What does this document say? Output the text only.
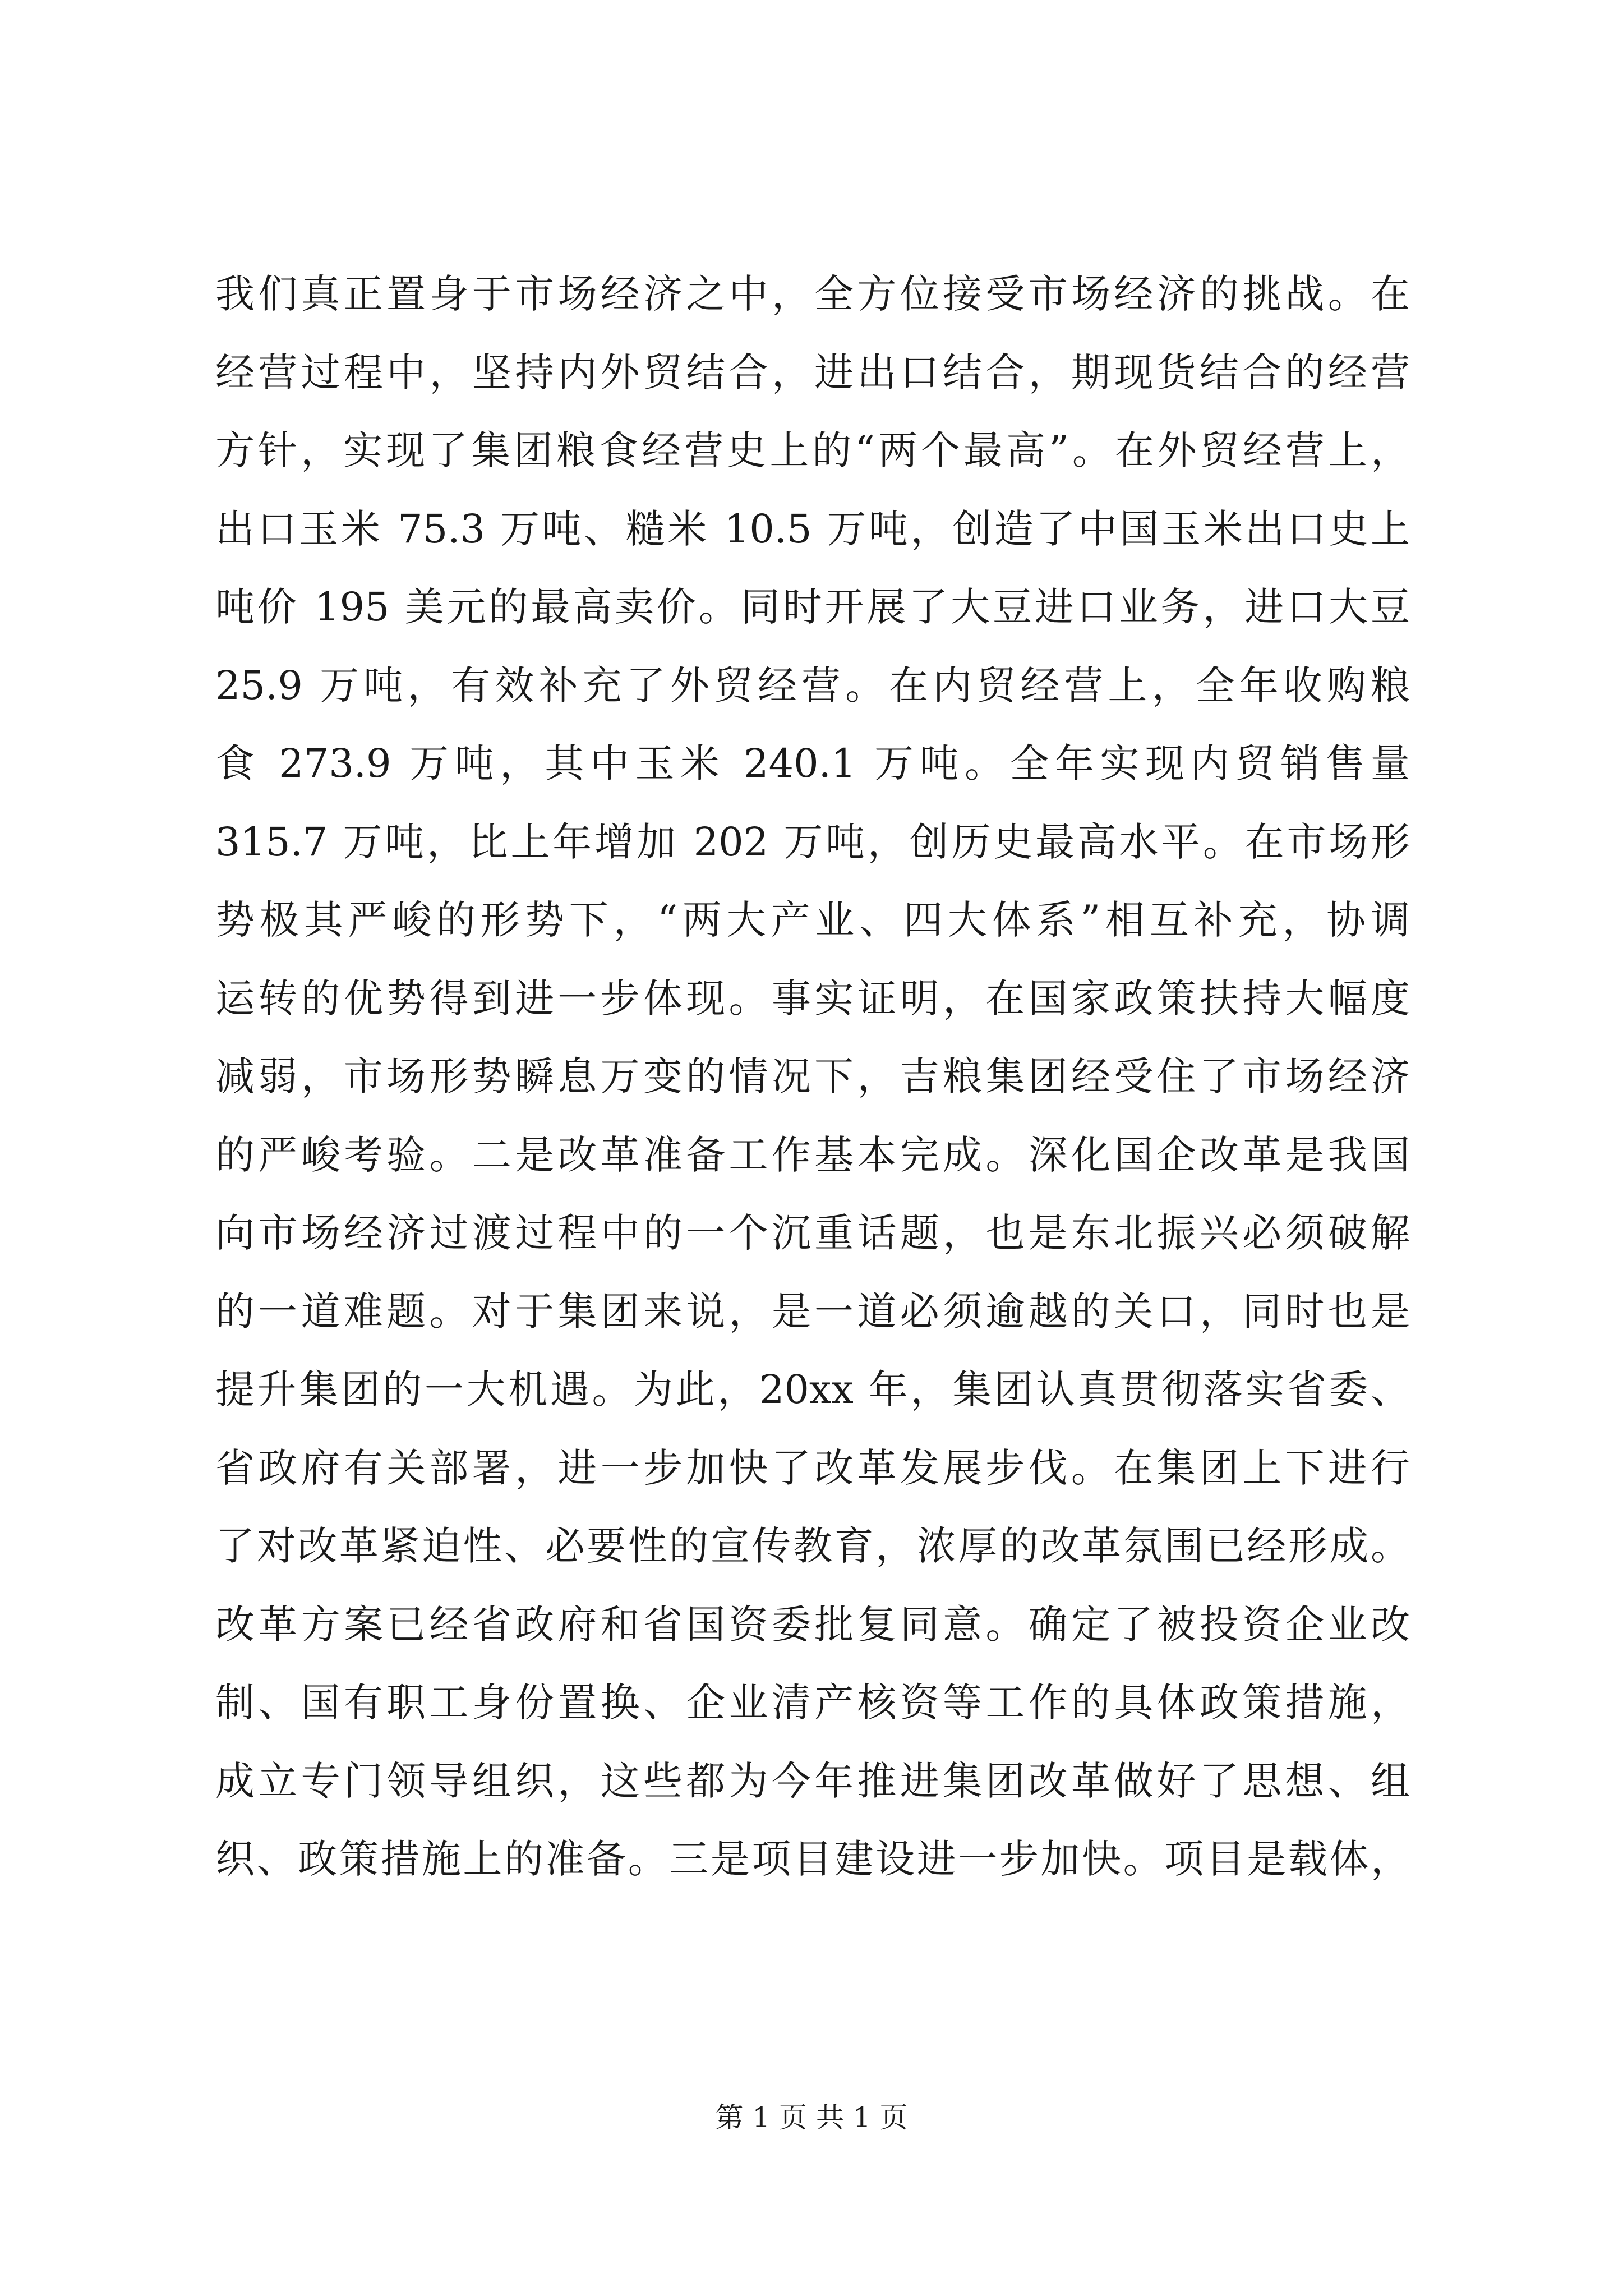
我们真正置身于市场经济之中，全方位接受市场经济的挑战。在
经营过程中，坚持内外贸结合，进出口结合，期现货结合的经营
方针，实现了集团粮食经营史上的“两个最高”。在外贸经营上，
出口玉米 75.3 万吨、糙米 10.5 万吨，创造了中国玉米出口史上
吨价 195 美元的最高卖价。同时开展了大豆进口业务，进口大豆
25.9 万吨，有效补充了外贸经营。在内贸经营上，全年收购粮
食 273.9 万吨，其中玉米 240.1 万吨。全年实现内贸销售量
315.7 万吨，比上年增加 202 万吨，创历史最高水平。在市场形
势极其严峻的形势下，“两大产业、四大体系”相互补充，协调
运转的优势得到进一步体现。事实证明，在国家政策扶持大幅度
减弱，市场形势瞬息万变的情况下，吉粮集团经受住了市场经济
的严峻考验。二是改革准备工作基本完成。深化国企改革是我国
向市场经济过渡过程中的一个沉重话题，也是东北振兴必须破解
的一道难题。对于集团来说，是一道必须逾越的关口，同时也是
提升集团的一大机遇。为此，20xx 年，集团认真贯彻落实省委、
省政府有关部署，进一步加快了改革发展步伐。在集团上下进行
了对改革紧迫性、必要性的宣传教育，浓厚的改革氛围已经形成。
改革方案已经省政府和省国资委批复同意。确定了被投资企业改
制、国有职工身份置换、企业清产核资等工作的具体政策措施，
成立专门领导组织，这些都为今年推进集团改革做好了思想、组
织、政策措施上的准备。三是项目建设进一步加快。项目是载体，
第 1 页 共 1 页
